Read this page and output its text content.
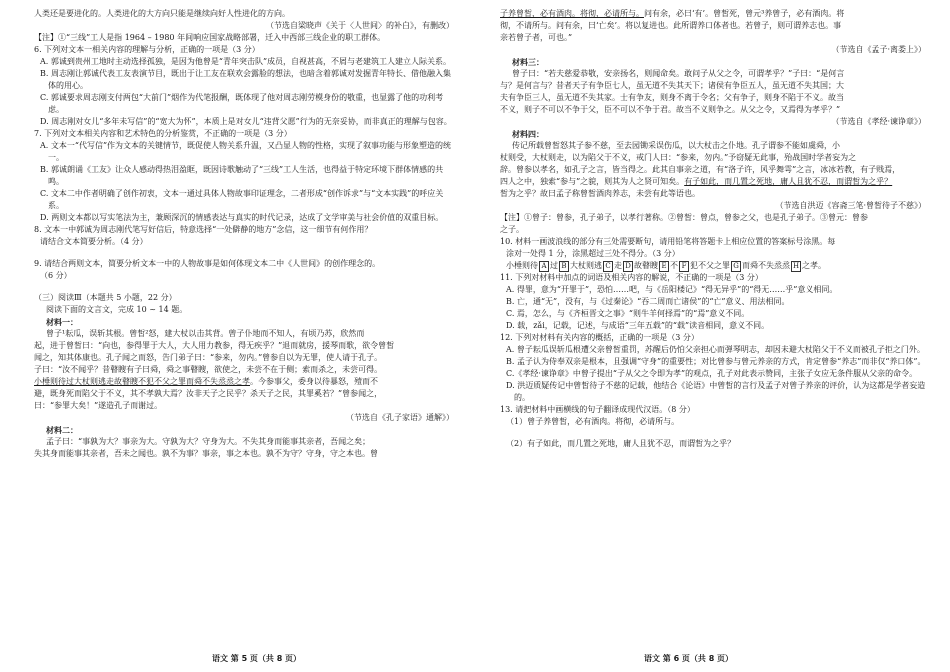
人类还是要进化的。人类进化的大方向只能是继续向好人性进化的方向。

（节选自梁晓声《关于〈人世间〉的补白》，有删改）

【注】①“三线”工人是指 1964 – 1980 年间响应国家战略部署，迁入中西部三线企业的职工群体。

6. 下列对文本一相关内容的理解与分析，正确的一项是（3 分）

A. 郭诚到贵州工地时主动选择孤独，是因为他曾是“青年突击队”成员，自视甚高，不屑与老建筑工人建立人际关系。

B. 周志刚让郭诚代表工友表演节目，既出于让工友在联欢会露脸的想法，也暗含着郭诚对发掘青年特长、借他融入集体的用心。

C. 郭诚要求周志刚支付两包“大前门”烟作为代笔报酬，既体现了他对周志刚劳模身份的敬重，也显露了他的功利考虑。

D. 周志刚对女儿“多年未写信”的“宽大为怀”，本质上是对女儿“违背父愿”行为的无奈妥协，而非真正的理解与包容。

7. 下列对文本相关内容和艺术特色的分析鉴赏，不正确的一项是（3 分）

A. 文本一“代写信”作为文本的关键情节，既促使人物关系升温，又凸显人物的性格，实现了叙事功能与形象塑造的统一。

B. 郭诚朗诵《工友》让众人感动得热泪盈眶，既因诗歌触动了“三线”工人生活，也得益于特定环境下群体情感的共鸣。

C. 文本二中作者明确了创作初衷，文本一通过具体人物故事印证理念，二者形成“创作诉求”与“文本实践”的呼应关系。

D. 两则文本都以写实笔法为主，兼顾深沉的情感表达与真实的时代记录，达成了文学审美与社会价值的双重目标。

8. 文本一中郭诚为周志刚代笔写好信后，特意选择“一处僻静的地方”念信，这一细节有何作用？

请结合文本简要分析。（4 分）

9. 请结合两则文本，简要分析文本一中的人物故事是如何体现文本二中《人世间》的创作理念的。

（6 分）

（三）阅读Ⅲ（本题共 5 小题，22 分）

阅读下面的文言文，完成 10 ~ 14 题。

材料一：

曾子¹耘瓜，误斩其根。曾皙²怒，建大杖以击其背。曾子仆地而不知人，有顷乃苏，欣然而

起，进于曾皙曰：“向也，参得罪于大人，大人用力教参，得无疾乎？”退而就房，援琴而歌，欲令曾皙

闻之，知其体康也。孔子闻之而怒，告门弟子曰：“参来，勿内。”曾参自以为无罪，使人请于孔子。

子曰：“汝不闻乎？昔瞽瞍有子曰舜，舜之事瞽瞍，欲使之，未尝不在于侧；索而杀之，未尝可得。

小棰则待过大杖则逃走故瞽瞍不犯不父之罪而舜不失烝烝之孝。今参事父，委身以待暴怒，殪而不

避，既身死而陷父于不义，其不孝孰大焉？汝非天子之民乎？杀天子之民，其罪奚若？”曾参闻之，

曰：“参罪大矣！”遂造孔子而谢过。

（节选自《孔子家语》通解》）

材料二：

孟子曰：“事孰为大？事亲为大。守孰为大？守身为大。不失其身而能事其亲者，吾闻之矣；

失其身而能事其亲者，吾未之闻也。孰不为事？事亲，事之本也。孰不为守？守身，守之本也。曾

语文 第 5 页（共 8 页）

子养曾皙，必有酒肉。将彻，必请所与。问有余，必曰‘有’。曾皙死，曾元³养曾子，必有酒肉。将

彻，不请所与。问有余，曰‘亡矣’。将以复进也。此所谓养口体者也。若曾子，则可谓养志也。事

亲若曾子者，可也。”

（节选自《孟子·离娄上》）

材料三：

曾子曰：“若夫慈爱恭敬，安亲扬名，则闻命矣。敢问子从父之令，可谓孝乎？”子曰：“是何言

与？是何言与？昔者天子有争臣七人，虽无道不失其天下；诸侯有争臣五人，虽无道不失其国；大

夫有争臣三人，虽无道不失其家。士有争友，则身不离于令名；父有争子，则身不陷于不义。故当

不义，则子不可以不争于父，臣不可以不争于君。故当不义则争之。从父之令，又焉得为孝乎？”

（节选自《孝经·谏诤章》）

材料四：

传记所载曾皙怒其子参不慈，至去园锄采误伤瓜，以大杖击之仆地。孔子谓参不能如虞舜，小

杖则受，大杖则走，以为陷父于不义，戒门人曰：“参来，勿内。”予窃疑无此事，殆战国时学者妄为之

辞。曾参以孝名，如孔子之言，皆当得之。此其自事亲之道，有“洛子许，风乎舞雩”之言，冰冰若教，有子贱焉，

四人之中，独索“参与”之貌，则其为人之贤可知矣。有子如此，而几置之死地，庸人且犹不忍，而谓皙为之乎？

皙为之乎？故曰孟子称曾皙酒肉养志，未尝有此等语也。

（节选自洪迈《容斋三笔·曾皙待子不慈》）

【注】①曾子：曾参，孔子弟子，以孝行著称。②曾皙：曾点，曾参之父，也是孔子弟子。③曾元：曾参

之子。

10. 材料一画波浪线的部分有三处需要断句，请用铅笔将答题卡上相应位置的答案标号涂黑。每

涂对一处得 1 分，涂黑超过三处不得分。（3 分）

小棰则待 A 过 B 大杖则逃 C 走 D 故瞽瞍 E 不 F 犯不父之罪 G 而舜不失烝烝 H 之孝。

11. 下列对材料中加点的词语及相关内容的解说，不正确的一项是（3 分）

A. 得罪，意为“开罪于”，恐怕……吧，与《岳阳楼记》“得无异乎”的“得无……乎”意义相同。

B. 亡，通“无”，没有，与《过秦论》“吞二周而亡诸侯”的“亡”意义、用法相同。

C. 焉，怎么，与《齐桓晋文之事》“则牛羊何择焉”的“焉”意义不同。

D. 载，zǎi，记载，记述，与成语“三年五载”的“载”读音相同，意义不同。

12. 下列对材料有关内容的概括，正确的一项是（3 分）

A. 曾子耘瓜误斩瓜根遭父亲曾皙重罚，苏醒后仍怕父亲担心而弹琴明志，却因未避大杖陷父于不义而被孔子拒之门外。

B. 孟子认为侍奉双亲是根本，且强调“守身”的重要性；对比曾参与曾元养亲的方式，肯定曾参“养志”而非仅“养口体”。

C.《孝经·谏诤章》中曾子提出“子从父之令即为孝”的观点，孔子对此表示赞同，主张子女应无条件服从父亲的命令。

D. 洪迈质疑传记中曾皙待子不慈的记载，他结合《论语》中曾皙的言行及孟子对曾子养亲的评价，认为这都是学者妄造的。

13. 请把材料中画横线的句子翻译成现代汉语。（8 分）

（1）曾子养曾皙，必有酒肉。将彻，必请所与。

（2）有子如此，而几置之死地，庸人且犹不忍，而谓皙为之乎？

语文 第 6 页（共 8 页）
